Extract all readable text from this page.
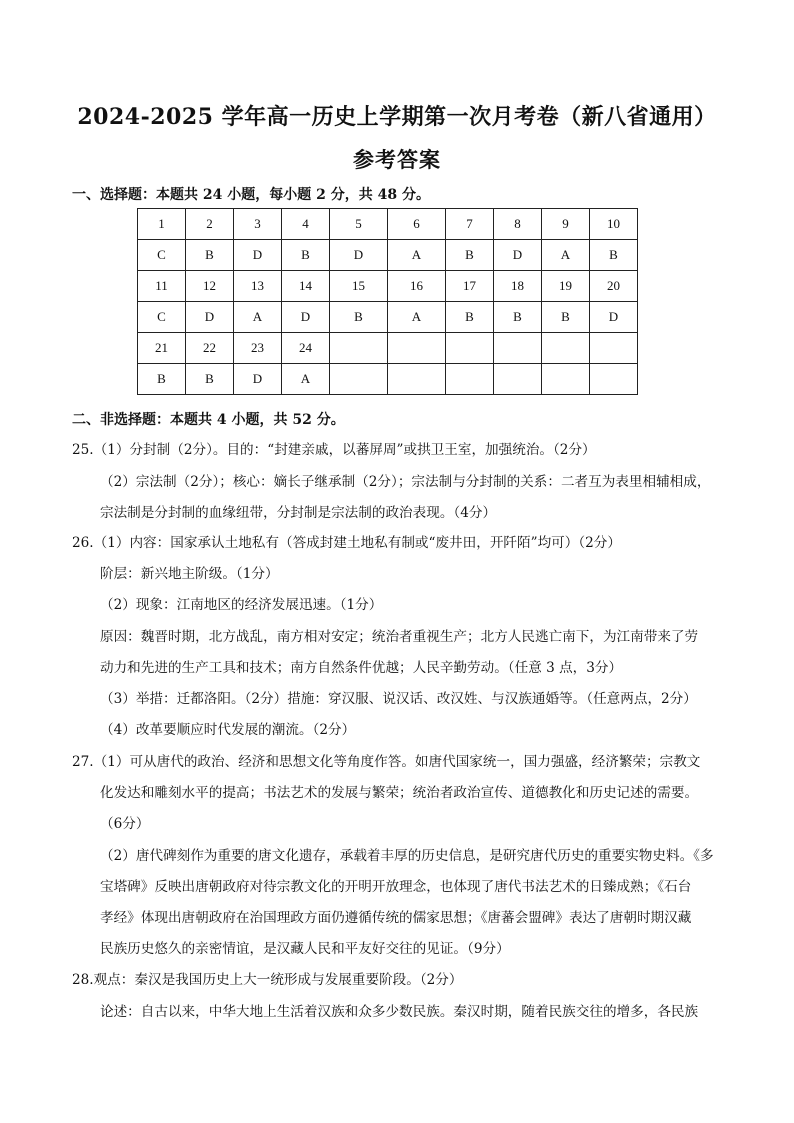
2024-2025 学年高一历史上学期第一次月考卷（新八省通用）
参考答案
一、选择题：本题共 24 小题，每小题 2 分，共 48 分。
1	2	3	4	5	6	7	8	9	10
C	B	D	B	D	A	B	D	A	B
11	12	13	14	15	16	17	18	19	20
C	D	A	D	B	A	B	B	B	D
21	22	23	24						
B	B	D	A						
二、非选择题：本题共 4 小题，共 52 分。
25.（1）分封制（2分）。目的：“封建亲戚，以蕃屏周”或拱卫王室，加强统治。（2分）
（2）宗法制（2分）；核心：嫡长子继承制（2分）；宗法制与分封制的关系：二者互为表里相辅相成，
宗法制是分封制的血缘纽带，分封制是宗法制的政治表现。（4分）
26.（1）内容：国家承认土地私有（答成封建土地私有制或“废井田，开阡陌”均可）（2分）
阶层：新兴地主阶级。（1分）
（2）现象：江南地区的经济发展迅速。（1分）
原因：魏晋时期，北方战乱，南方相对安定；统治者重视生产；北方人民逃亡南下，为江南带来了劳
动力和先进的生产工具和技术；南方自然条件优越；人民辛勤劳动。（任意 3 点，3分）
（3）举措：迁都洛阳。（2分）措施：穿汉服、说汉话、改汉姓、与汉族通婚等。（任意两点，2分）
（4）改革要顺应时代发展的潮流。（2分）
27.（1）可从唐代的政治、经济和思想文化等角度作答。如唐代国家统一，国力强盛，经济繁荣；宗教文
化发达和雕刻水平的提高；书法艺术的发展与繁荣；统治者政治宣传、道德教化和历史记述的需要。
（6分）
（2）唐代碑刻作为重要的唐文化遗存，承载着丰厚的历史信息，是研究唐代历史的重要实物史料。《多
宝塔碑》反映出唐朝政府对待宗教文化的开明开放理念，也体现了唐代书法艺术的日臻成熟；《石台
孝经》体现出唐朝政府在治国理政方面仍遵循传统的儒家思想；《唐蕃会盟碑》表达了唐朝时期汉藏
民族历史悠久的亲密情谊，是汉藏人民和平友好交往的见证。（9分）
28.观点：秦汉是我国历史上大一统形成与发展重要阶段。（2分）
论述：自古以来，中华大地上生活着汉族和众多少数民族。秦汉时期，随着民族交往的增多，各民族
